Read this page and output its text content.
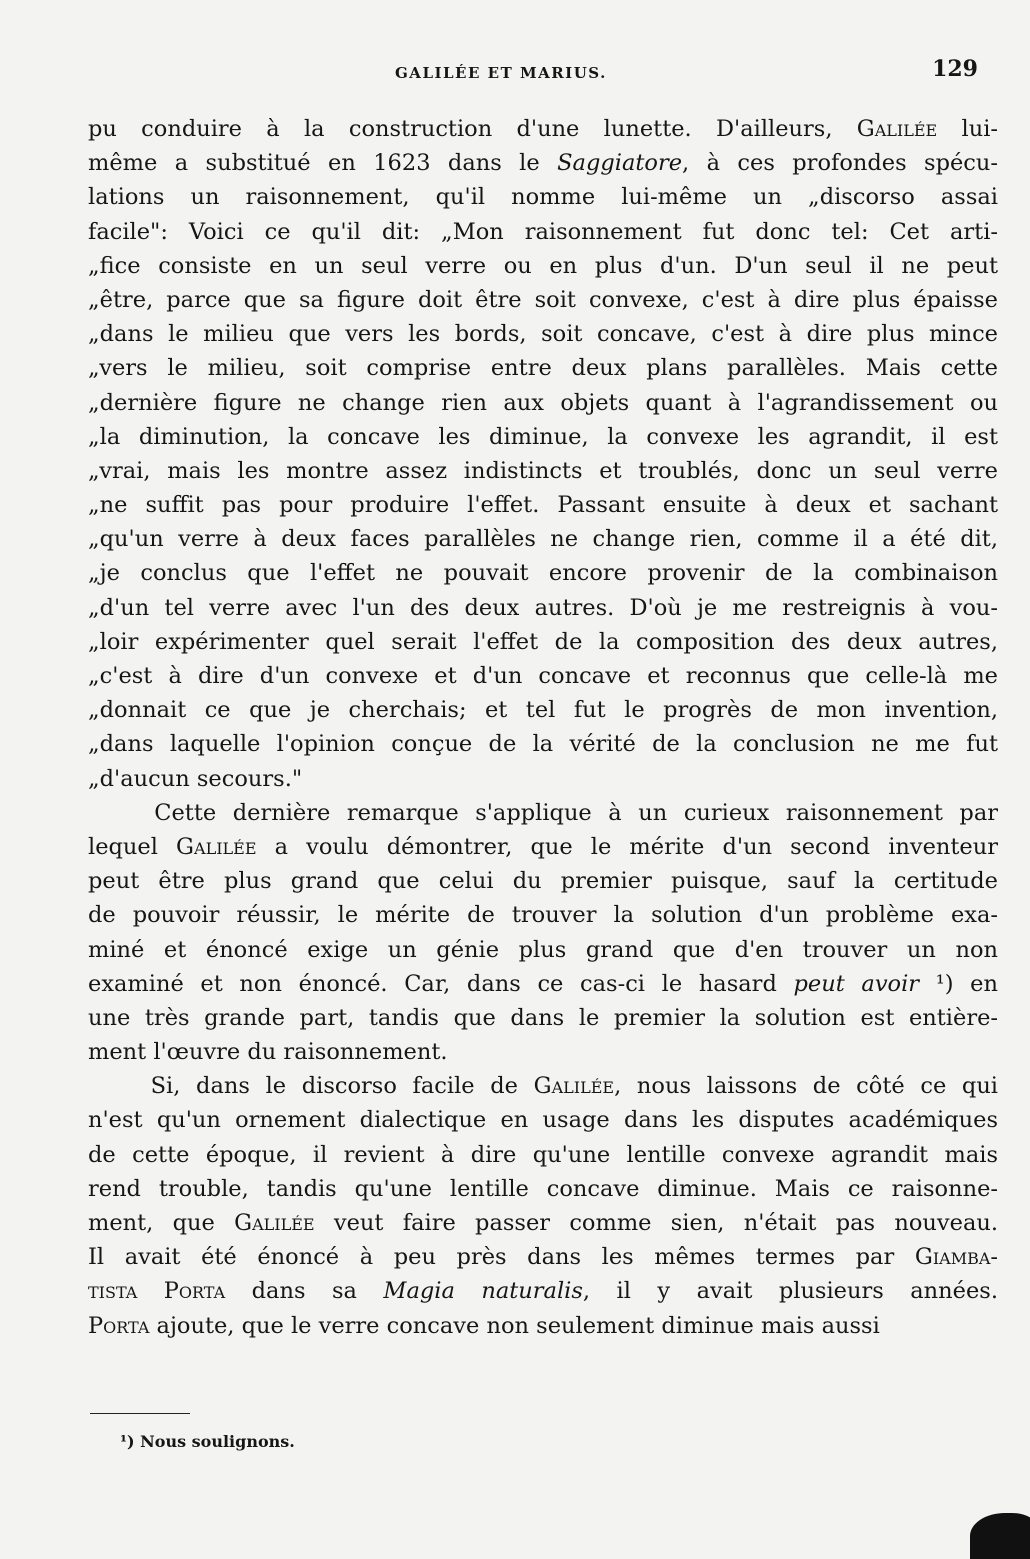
GALILÉE ET MARIUS.	129
pu conduire à la construction d'une lunette. D'ailleurs, Galilée lui-
même a substitué en 1623 dans le Saggiatore, à ces profondes spécu-
lations un raisonnement, qu'il nomme lui-même un „discorso assai
facile": Voici ce qu'il dit: „Mon raisonnement fut donc tel: Cet arti-
„fice consiste en un seul verre ou en plus d'un. D'un seul il ne peut
„être, parce que sa figure doit être soit convexe, c'est à dire plus épaisse
„dans le milieu que vers les bords, soit concave, c'est à dire plus mince
„vers le milieu, soit comprise entre deux plans parallèles. Mais cette
„dernière figure ne change rien aux objets quant à l'agrandissement ou
„la diminution, la concave les diminue, la convexe les agrandit, il est
„vrai, mais les montre assez indistincts et troublés, donc un seul verre
„ne suffit pas pour produire l'effet. Passant ensuite à deux et sachant
„qu'un verre à deux faces parallèles ne change rien, comme il a été dit,
„je conclus que l'effet ne pouvait encore provenir de la combinaison
„d'un tel verre avec l'un des deux autres. D'où je me restreignis à vou-
„loir expérimenter quel serait l'effet de la composition des deux autres,
„c'est à dire d'un convexe et d'un concave et reconnus que celle-là me
„donnait ce que je cherchais; et tel fut le progrès de mon invention,
„dans laquelle l'opinion conçue de la vérité de la conclusion ne me fut
„d'aucun secours."
Cette dernière remarque s'applique à un curieux raisonnement par
lequel Galilée a voulu démontrer, que le mérite d'un second inventeur
peut être plus grand que celui du premier puisque, sauf la certitude
de pouvoir réussir, le mérite de trouver la solution d'un problème exa-
miné et énoncé exige un génie plus grand que d'en trouver un non
examiné et non énoncé. Car, dans ce cas-ci le hasard peut avoir ¹) en
une très grande part, tandis que dans le premier la solution est entière-
ment l'œuvre du raisonnement.
Si, dans le discorso facile de Galilée, nous laissons de côté ce qui
n'est qu'un ornement dialectique en usage dans les disputes académiques
de cette époque, il revient à dire qu'une lentille convexe agrandit mais
rend trouble, tandis qu'une lentille concave diminue. Mais ce raisonne-
ment, que Galilée veut faire passer comme sien, n'était pas nouveau.
Il avait été énoncé à peu près dans les mêmes termes par Giamba-
tista Porta dans sa Magia naturalis, il y avait plusieurs années.
Porta ajoute, que le verre concave non seulement diminue mais aussi
¹) Nous soulignons.
